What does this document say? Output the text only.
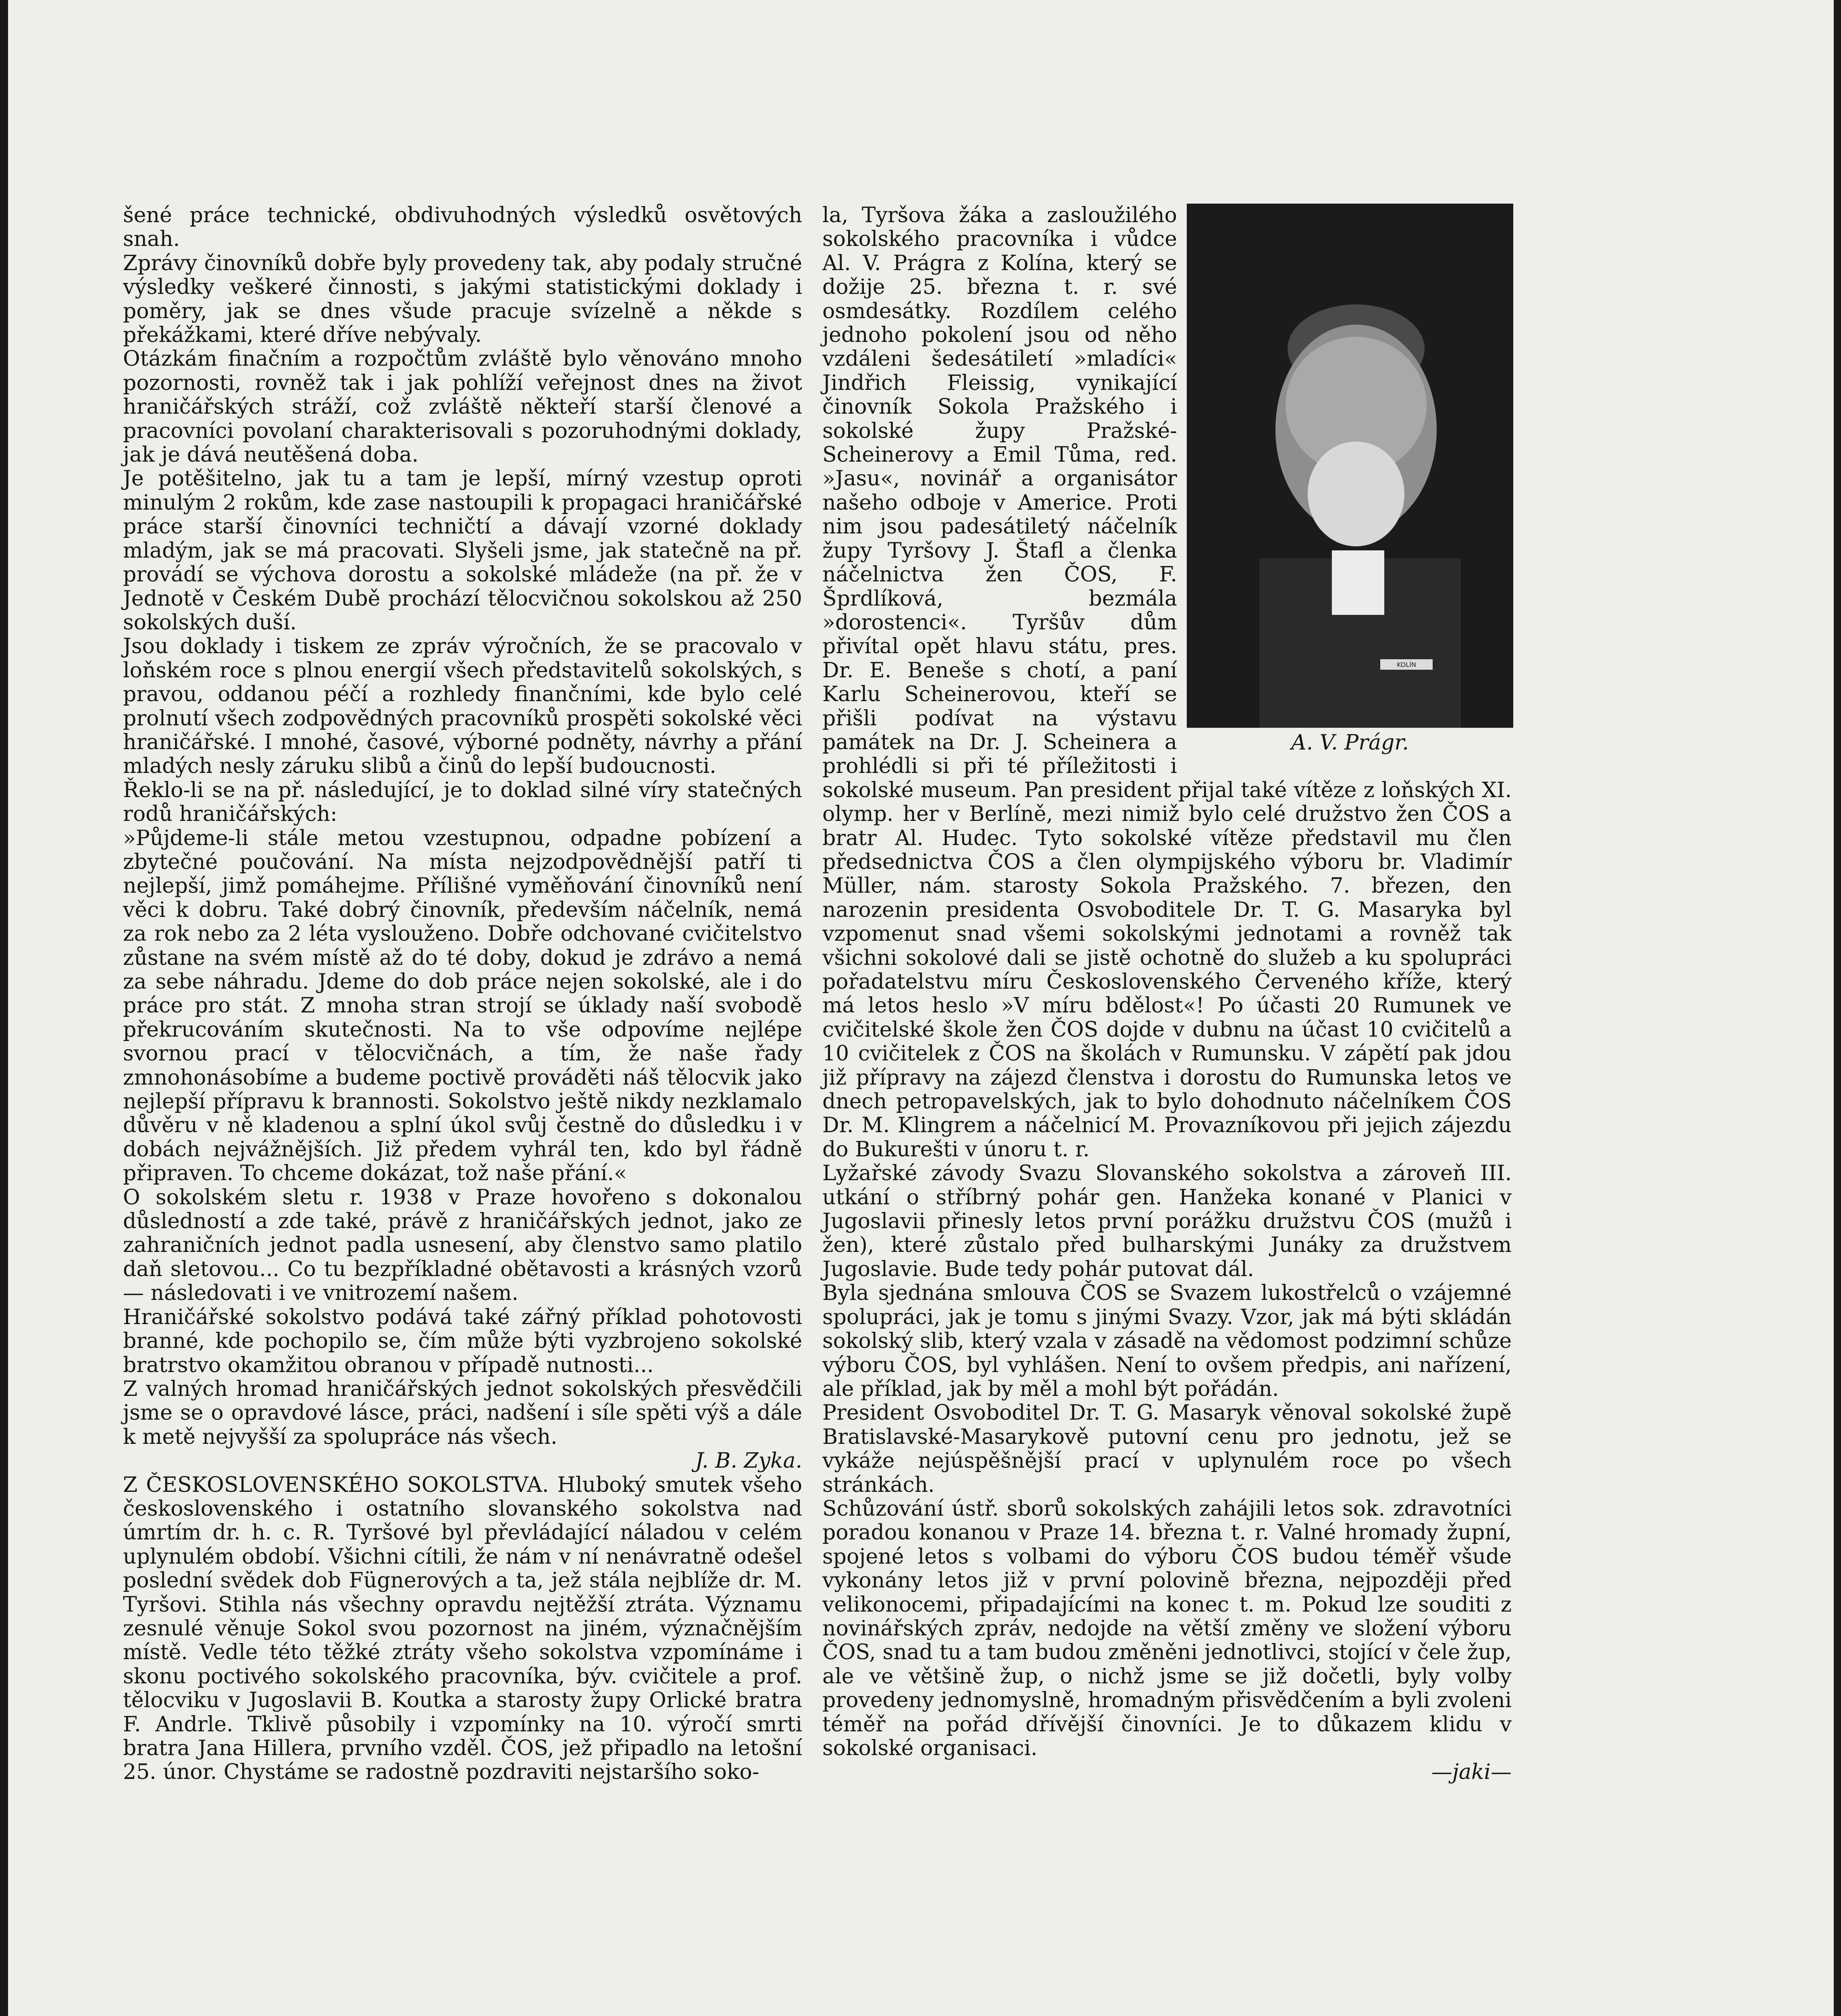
šené práce technické, obdivuhodných výsledků osvětových snah.

Zprávy činovníků dobře byly provedeny tak, aby podaly stručné výsledky veškeré činnosti, s jakými statistickými doklady i poměry, jak se dnes všude pracuje svízelně a někde s překážkami, které dříve nebývaly.

Otázkám finačním a rozpočtům zvláště bylo věnováno mnoho pozornosti, rovněž tak i jak pohlíží veřejnost dnes na život hraničářských stráží, což zvláště někteří starší členové a pracovníci povolaní charakterisovali s pozoruhodnými doklady, jak je dává neutěšená doba.

Je potěšitelno, jak tu a tam je lepší, mírný vzestup oproti minulým 2 rokům, kde zase nastoupili k propagaci hraničářské práce starší činovníci techničtí a dávají vzorné doklady mladým, jak se má pracovati. Slyšeli jsme, jak statečně na př. provádí se výchova dorostu a sokolské mládeže (na př. že v Jednotě v Českém Dubě prochází tělocvičnou sokolskou až 250 sokolských duší.

Jsou doklady i tiskem ze zpráv výročních, že se pracovalo v loňském roce s plnou energií všech představitelů sokolských, s pravou, oddanou péčí a rozhledy finančními, kde bylo celé prolnutí všech zodpovědných pracovníků prospěti sokolské věci hraničářské. I mnohé, časové, výborné podněty, návrhy a přání mladých nesly záruku slibů a činů do lepší budoucnosti.

Řeklo-li se na př. následující, je to doklad silné víry statečných rodů hraničářských:

»Půjdeme-li stále metou vzestupnou, odpadne pobízení a zbytečné poučování. Na místa nejzodpovědnější patří ti nejlepší, jimž pomáhejme. Přílišné vyměňování činovníků není věci k dobru. Také dobrý činovník, především náčelník, nemá za rok nebo za 2 léta vyslouženo. Dobře odchované cvičitelstvo zůstane na svém místě až do té doby, dokud je zdrávo a nemá za sebe náhradu. Jdeme do dob práce nejen sokolské, ale i do práce pro stát. Z mnoha stran strojí se úklady naší svobodě překrucováním skutečnosti. Na to vše odpovíme nejlépe svornou prací v tělocvičnách, a tím, že naše řady zmnohonásobíme a budeme poctivě prováděti náš tělocvik jako nejlepší přípravu k brannosti. Sokolstvo ještě nikdy nezklamalo důvěru v ně kladenou a splní úkol svůj čestně do důsledku i v dobách nejvážnějších. Již předem vyhrál ten, kdo byl řádně připraven. To chceme dokázat, tož naše přání.«

O sokolském sletu r. 1938 v Praze hovořeno s dokonalou důsledností a zde také, právě z hraničářských jednot, jako ze zahraničních jednot padla usnesení, aby členstvo samo platilo daň sletovou... Co tu bezpříkladné obětavosti a krásných vzorů — následovati i ve vnitrozemí našem.

Hraničářské sokolstvo podává také zářný příklad pohotovosti branné, kde pochopilo se, čím může býti vyzbrojeno sokolské bratrstvo okamžitou obranou v případě nutnosti...

Z valných hromad hraničářských jednot sokolských přesvědčili jsme se o opravdové lásce, práci, nadšení i síle spěti výš a dále k metě nejvyšší za spolupráce nás všech.

J. B. Zyka.

Z ČESKOSLOVENSKÉHO SOKOLSTVA. Hluboký smutek všeho československého i ostatního slovanského sokolstva nad úmrtím dr. h. c. R. Tyršové byl převládající náladou v celém uplynulém období. Všichni cítili, že nám v ní nenávratně odešel poslední svědek dob Fügnerových a ta, jež stála nejblíže dr. M. Tyršovi. Stihla nás všechny opravdu nejtěžší ztráta. Významu zesnulé věnuje Sokol svou pozornost na jiném, význačnějším místě. Vedle této těžké ztráty všeho sokolstva vzpomínáme i skonu poctivého sokolského pracovníka, býv. cvičitele a prof. tělocviku v Jugoslavii B. Koutka a starosty župy Orlické bratra F. Andrle. Tklivě působily i vzpomínky na 10. výročí smrti bratra Jana Hillera, prvního vzděl. ČOS, jež připadlo na letošní 25. únor. Chystáme se radostně pozdraviti nejstaršího soko-

KOLÍN
A. V. Prágr.

la, Tyršova žáka a zasloužilého sokolského pracovníka i vůdce Al. V. Prágra z Kolína, který se dožije 25. března t. r. své osmdesátky. Rozdílem celého jednoho pokolení jsou od něho vzdáleni šedesátiletí »mladíci« Jindřich Fleissig, vynikající činovník Sokola Pražského i sokolské župy Pražské-Scheinerovy a Emil Tůma, red. »Jasu«, novinář a organisátor našeho odboje v Americe. Proti nim jsou padesátiletý náčelník župy Tyršovy J. Štafl a členka náčelnictva žen ČOS, F. Šprdlíková, bezmála »dorostenci«. Tyršův dům přivítal opět hlavu státu, pres. Dr. E. Beneše s chotí, a paní Karlu Scheinerovou, kteří se přišli podívat na výstavu památek na Dr. J. Scheinera a prohlédli si při té příležitosti i sokolské museum. Pan president přijal také vítěze z loňských XI. olymp. her v Berlíně, mezi nimiž bylo celé družstvo žen ČOS a bratr Al. Hudec. Tyto sokolské vítěze představil mu člen předsednictva ČOS a člen olympijského výboru br. Vladimír Müller, nám. starosty Sokola Pražského. 7. březen, den narozenin presidenta Osvoboditele Dr. T. G. Masaryka byl vzpomenut snad všemi sokolskými jednotami a rovněž tak všichni sokolové dali se jistě ochotně do služeb a ku spolupráci pořadatelstvu míru Československého Červeného kříže, který má letos heslo »V míru bdělost«! Po účasti 20 Rumunek ve cvičitelské škole žen ČOS dojde v dubnu na účast 10 cvičitelů a 10 cvičitelek z ČOS na školách v Rumunsku. V zápětí pak jdou již přípravy na zájezd členstva i dorostu do Rumunska letos ve dnech petropavelských, jak to bylo dohodnuto náčelníkem ČOS Dr. M. Klingrem a náčelnicí M. Provazníkovou při jejich zájezdu do Bukurešti v únoru t. r.

Lyžařské závody Svazu Slovanského sokolstva a zároveň III. utkání o stříbrný pohár gen. Hanžeka konané v Planici v Jugoslavii přinesly letos první porážku družstvu ČOS (mužů i žen), které zůstalo před bulharskými Junáky za družstvem Jugoslavie. Bude tedy pohár putovat dál.

Byla sjednána smlouva ČOS se Svazem lukostřelců o vzájemné spolupráci, jak je tomu s jinými Svazy. Vzor, jak má býti skládán sokolský slib, který vzala v zásadě na vědomost podzimní schůze výboru ČOS, byl vyhlášen. Není to ovšem předpis, ani nařízení, ale příklad, jak by měl a mohl být pořádán.

President Osvoboditel Dr. T. G. Masaryk věnoval sokolské župě Bratislavské-Masarykově putovní cenu pro jednotu, jež se vykáže nejúspěšnější prací v uplynulém roce po všech stránkách.

Schůzování ústř. sborů sokolských zahájili letos sok. zdravotníci poradou konanou v Praze 14. března t. r. Valné hromady župní, spojené letos s volbami do výboru ČOS budou téměř všude vykonány letos již v první polovině března, nejpozději před velikonocemi, připadajícími na konec t. m. Pokud lze souditi z novinářských zpráv, nedojde na větší změny ve složení výboru ČOS, snad tu a tam budou změněni jednotlivci, stojící v čele žup, ale ve většině žup, o nichž jsme se již dočetli, byly volby provedeny jednomyslně, hromadným přisvědčením a byli zvoleni téměř na pořád dřívější činovníci. Je to důkazem klidu v sokolské organisaci.

—jaki—
